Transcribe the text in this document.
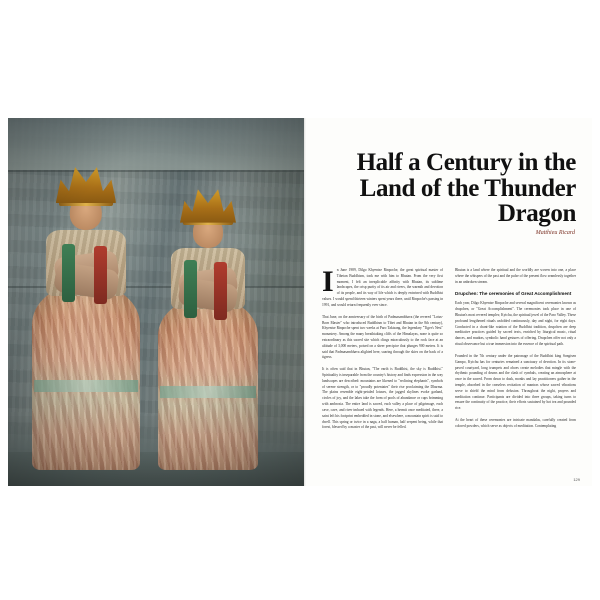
Half a Century in the Land of the Thunder Dragon
Matthieu Ricard

In June 1989, Dilgo Khyentse Rinpoche, the great spiritual master of Tibetan Buddhism, took me with him to Bhutan. From the very first moment, I felt an inexplicable affinity with Bhutan, its sublime landscapes, the crisp purity of its air and rivers, the warmth and devotion of its people, and its way of life which is deeply entwined with Buddhist values. I would spend thirteen winters spent years there, until Rinpoche's passing in 1991, and would return frequently ever since.

That June, on the anniversary of the birth of Padmasambhava (the revered "Lotus-Born Master" who introduced Buddhism to Tibet and Bhutan in the 8th century), Khyentse Rinpoche spent two weeks at Paro Taktsang, the legendary "Tiger's Nest" monastery. Among the many breathtaking cliffs of the Himalayas, none is quite so extraordinary as this sacred site which clings miraculously to the rock face at an altitude of 3,000 meters, poised on a sheer precipice that plunges 900 meters. It is said that Padmasambhava alighted here, soaring through the skies on the back of a tigress.

It is often said that in Bhutan, "The earth is Buddhist, the sky is Buddhist." Spirituality is inseparable from the country's history and finds expression in the way landscapes are described: mountains are likened to "reclining elephants", symbols of serene strength, or to "proudly potentates" their rise proclaiming the Dharma. The plains resemble eight-petaled lotuses, the jagged skylines evoke garland, circles of joy, and the lakes take the form of pools of abundance or cups brimming with ambrosia. The entire land is sacred, each valley a place of pilgrimage, each cave, cave, and river imbued with legends. Here, a hermit once meditated, there, a saint left his footprint embedded in stone, and elsewhere, a mountain spirit is said to dwell. This spring or twice in a naga, a half human, half serpent being, while that forest, blessed by a master of the past, will never be felled.

Bhutan is a land where the spiritual and the worldly are woven into one, a place where the whispers of the past and the pulse of the present flow seamlessly together in an unbroken stream.

Drupchen: The ceremonies of Great Accomplishment

Each year, Dilgo Khyentse Rinpoche and several magnificent ceremonies known as drupchen, or "Great Accomplishment". The ceremonies took place in one of Bhutan's most revered temples; Kyichu, the spiritual jewel of the Paro Valley. These profound lengthened rituals unfolded continuously, day and night, for eight days. Conducted in a chant-like rotation of the Buddhist tradition, drupchen are deep meditative practices guided by sacred texts, enriched by liturgical music, ritual dances, and mudras, symbolic hand gestures of offering. Drupchen offer not only a ritual observance but a true immersion into the essence of the spiritual path.

Founded in the 7th century under the patronage of the Buddhist king Songtsen Gampo, Kyichu has for centuries remained a sanctuary of devotion. In its stone-paved courtyard, long trumpets and oboes create melodies that mingle with the rhythmic pounding of drums and the clash of cymbals, creating an atmosphere at once in the sacred. From dawn to dusk, monks and lay practitioners gather in the temple, absorbed in the ceaseless recitation of mantras whose sacred vibrations serve to shield the mind from delusion. Throughout the night, prayers and meditation continue. Participants are divided into three groups, taking turns to ensure the continuity of the practice, their efforts sustained by hot tea and pounded rice.

At the heart of these ceremonies are intricate mandalas, carefully created from colored powders, which serve as objects of meditation. Contemplating

129
